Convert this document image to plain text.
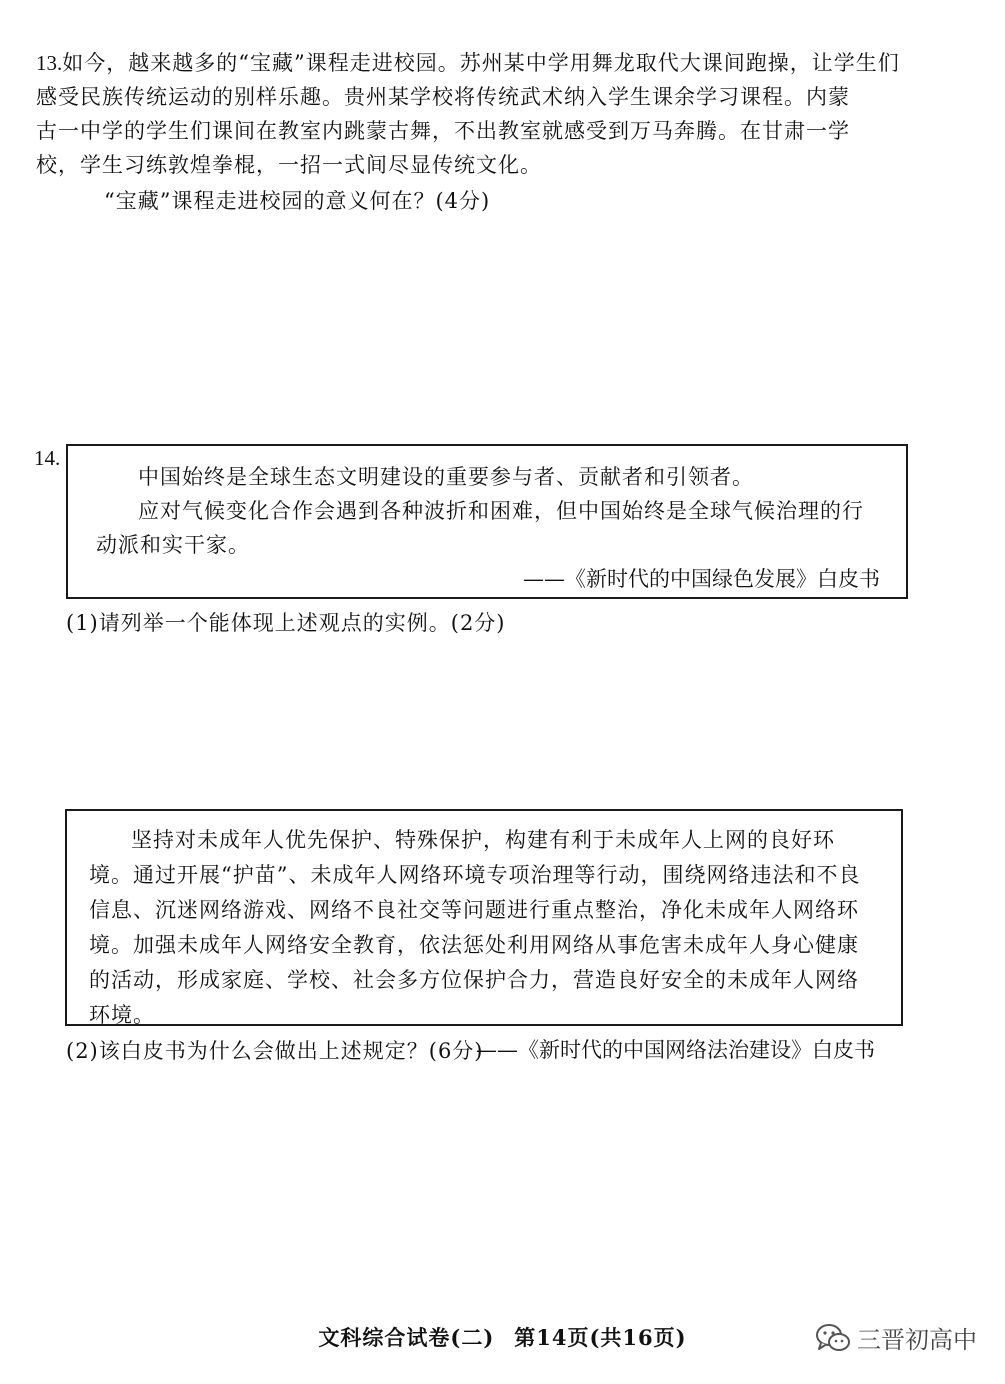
13.如今，越来越多的“宝藏”课程走进校园。苏州某中学用舞龙取代大课间跑操，让学生们
感受民族传统运动的别样乐趣。贵州某学校将传统武术纳入学生课余学习课程。内蒙
古一中学的学生们课间在教室内跳蒙古舞，不出教室就感受到万马奔腾。在甘肃一学
校，学生习练敦煌拳棍，一招一式间尽显传统文化。
“宝藏”课程走进校园的意义何在？(4分)
14.
中国始终是全球生态文明建设的重要参与者、贡献者和引领者。
应对气候变化合作会遇到各种波折和困难，但中国始终是全球气候治理的行动派和实干家。
——《新时代的中国绿色发展》白皮书
(1)请列举一个能体现上述观点的实例。(2分)
坚持对未成年人优先保护、特殊保护，构建有利于未成年人上网的良好环境。通过开展“护苗”、未成年人网络环境专项治理等行动，围绕网络违法和不良信息、沉迷网络游戏、网络不良社交等问题进行重点整治，净化未成年人网络环境。加强未成年人网络安全教育，依法惩处利用网络从事危害未成年人身心健康的活动，形成家庭、学校、社会多方位保护合力，营造良好安全的未成年人网络环境。
——《新时代的中国网络法治建设》白皮书
(2)该白皮书为什么会做出上述规定？(6分)
文科综合试卷(二) 第14页(共16页)	三晋初高中
